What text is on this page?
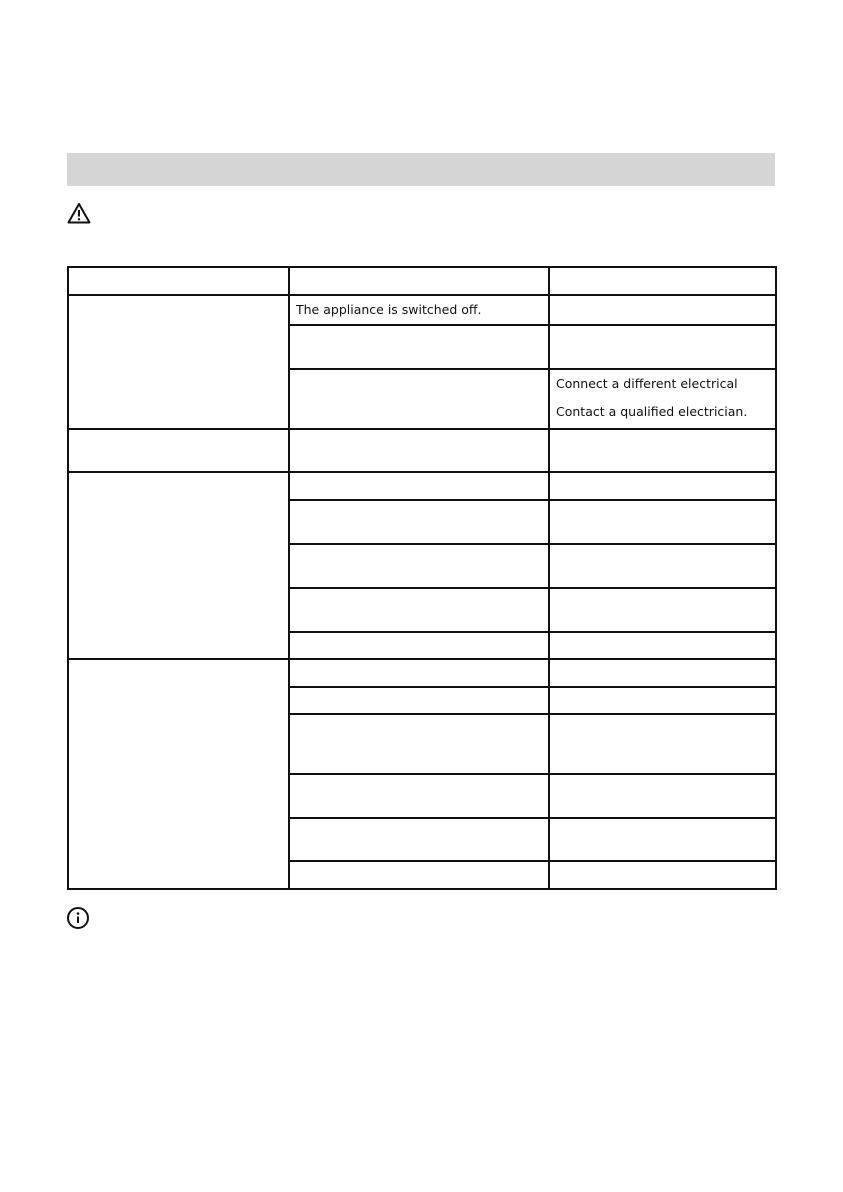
	The appliance is switched off.	

		Connect a different electrical
Contact a qualified electrician.
